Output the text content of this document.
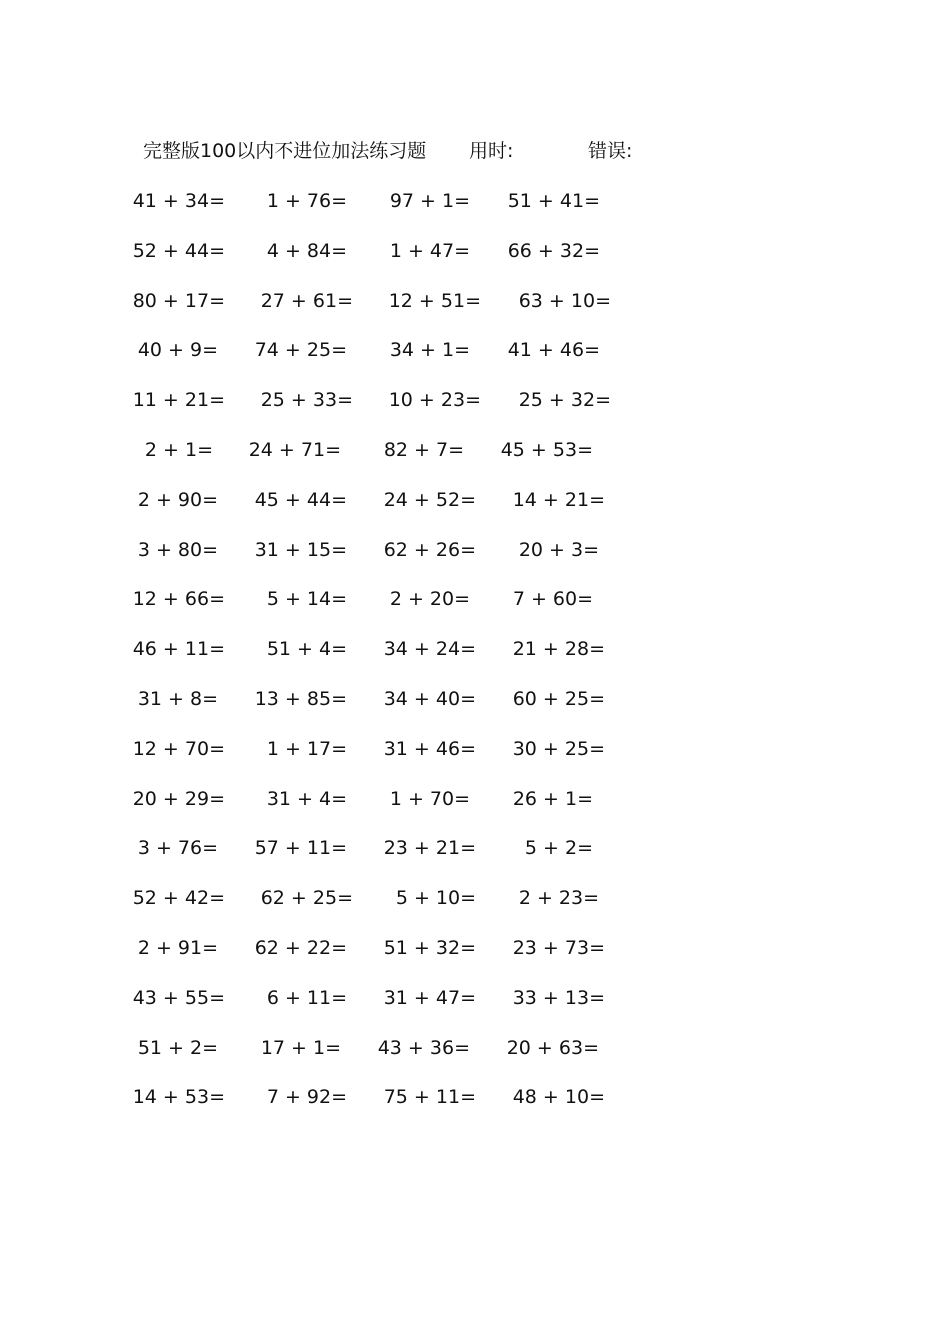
完整版100以内不进位加法练习题 用时:	错误:
41 + 34= 1 + 76= 97 + 1= 51 + 41=
52 + 44= 4 + 84= 1 + 47= 66 + 32=
80 + 17= 27 + 61= 12 + 51= 63 + 10=
40 + 9= 74 + 25= 34 + 1= 41 + 46=
11 + 21= 25 + 33= 10 + 23= 25 + 32=
2 + 1= 24 + 71= 82 + 7= 45 + 53=
2 + 90= 45 + 44= 24 + 52= 14 + 21=
3 + 80= 31 + 15= 62 + 26= 20 + 3=
12 + 66= 5 + 14= 2 + 20= 7 + 60=
46 + 11= 51 + 4= 34 + 24= 21 + 28=
31 + 8= 13 + 85= 34 + 40= 60 + 25=
12 + 70= 1 + 17= 31 + 46= 30 + 25=
20 + 29= 31 + 4= 1 + 70= 26 + 1=
3 + 76= 57 + 11= 23 + 21=	5 + 2=
52 + 42= 62 + 25= 5 + 10= 2 + 23=
2 + 91= 62 + 22= 51 + 32= 23 + 73=
43 + 55= 6 + 11= 31 + 47= 33 + 13=
51 + 2= 17 + 1= 43 + 36= 20 + 63=
14 + 53= 7 + 92= 75 + 11= 48 + 10=
